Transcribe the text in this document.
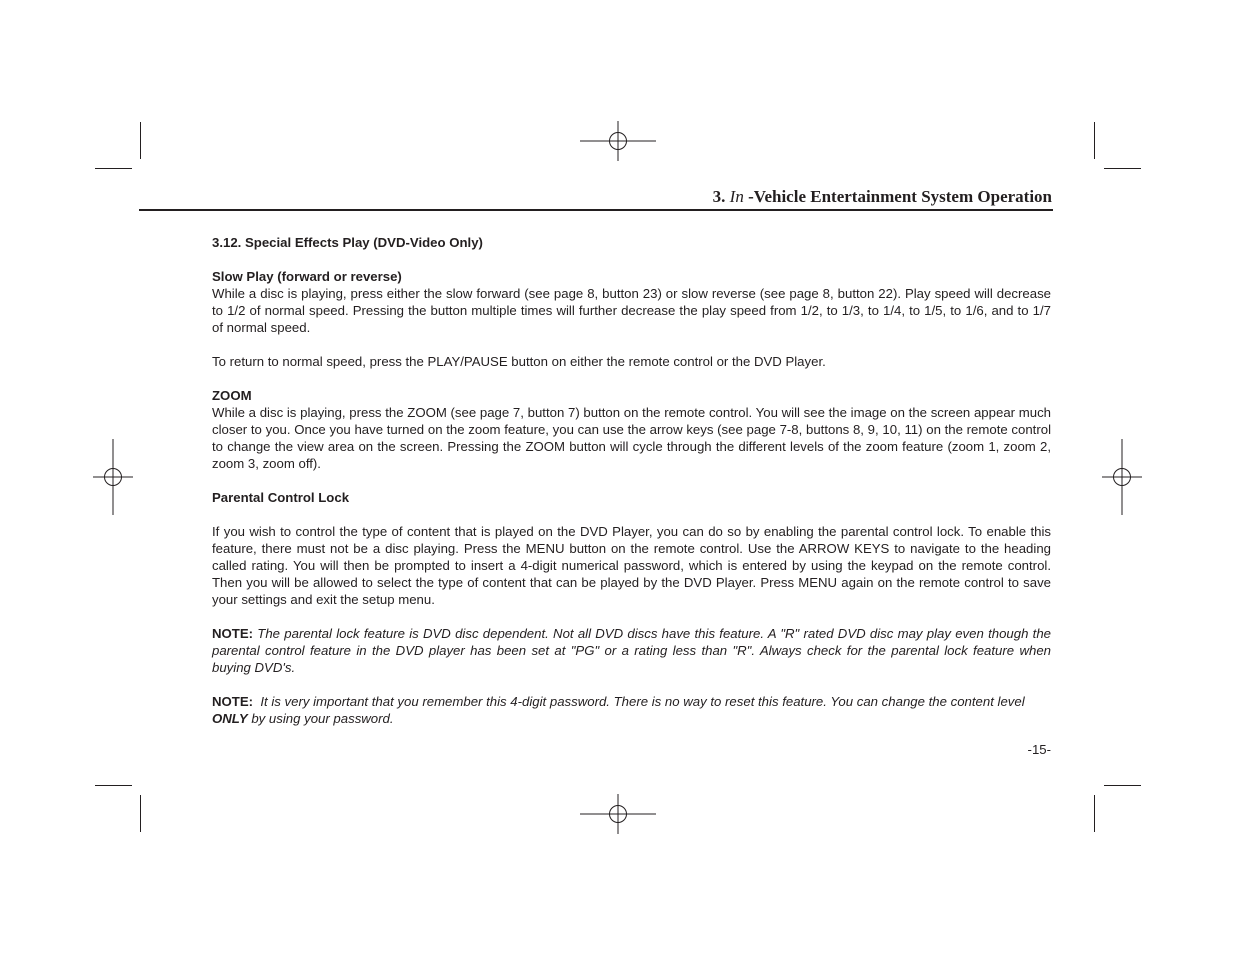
3. In -Vehicle Entertainment System Operation

3.12. Special Effects Play (DVD-Video Only)

Slow Play (forward or reverse)

While a disc is playing, press either the slow forward (see page 8, button 23) or slow reverse (see page 8, button 22). Play speed will decrease to 1/2 of normal speed. Pressing the button multiple times will further decrease the play speed from 1/2, to 1/3, to 1/4, to 1/5, to 1/6, and to 1/7 of normal speed.

To return to normal speed, press the PLAY/PAUSE button on either the remote control or the DVD Player.

ZOOM

While a disc is playing, press the ZOOM (see page 7, button 7) button on the remote control. You will see the image on the screen appear much closer to you. Once you have turned on the zoom feature, you can use the arrow keys (see page 7-8, buttons 8, 9, 10, 11) on the remote control to change the view area on the screen. Pressing the ZOOM button will cycle through the different levels of the zoom feature (zoom 1, zoom 2, zoom 3, zoom off).

Parental Control Lock

If you wish to control the type of content that is played on the DVD Player, you can do so by enabling the parental control lock. To enable this feature, there must not be a disc playing. Press the MENU button on the remote control. Use the ARROW KEYS to navigate to the heading called rating. You will then be prompted to insert a 4-digit numerical password, which is entered by using the keypad on the remote control. Then you will be allowed to select the type of content that can be played by the DVD Player. Press MENU again on the remote control to save your settings and exit the setup menu.

NOTE: The parental lock feature is DVD disc dependent. Not all DVD discs have this feature. A "R" rated DVD disc may play even though the parental control feature in the DVD player has been set at "PG" or a rating less than "R". Always check for the parental lock feature when buying DVD's.

NOTE: It is very important that you remember this 4-digit password. There is no way to reset this feature. You can change the content level ONLY by using your password.

-15-
